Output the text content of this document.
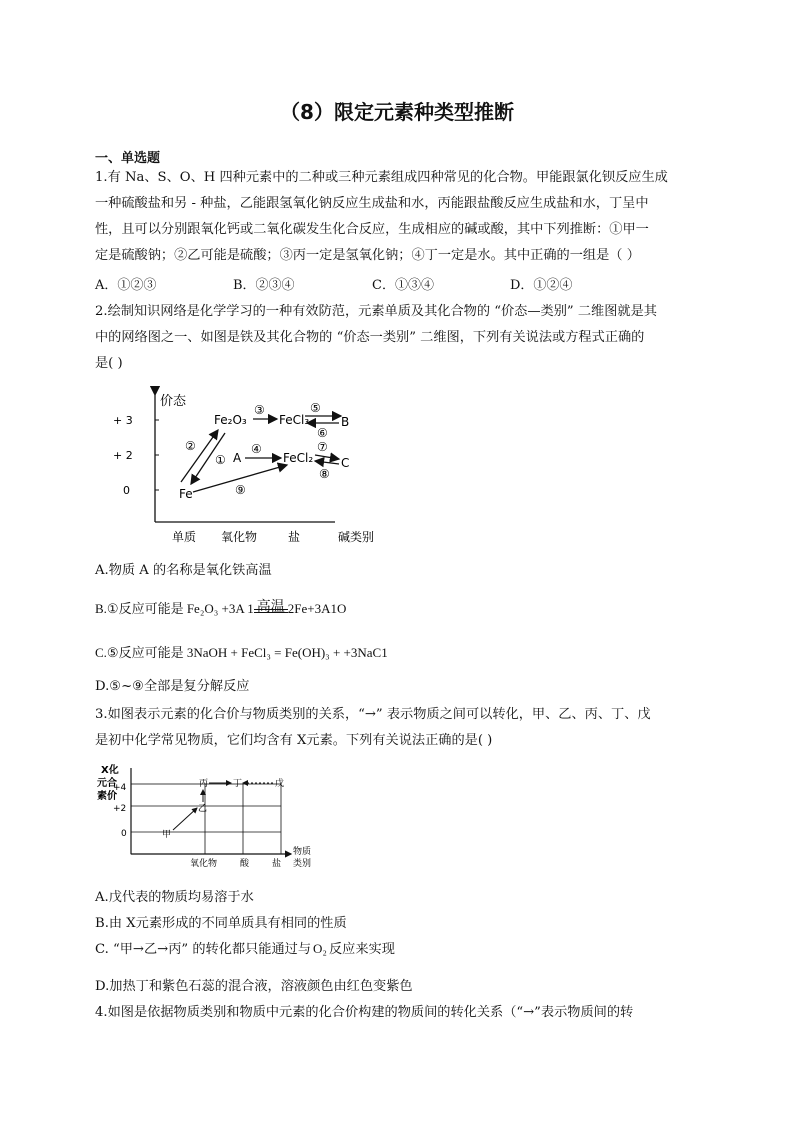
（8）限定元素种类型推断
一、单选题
1.有 Na、S、O、H 四种元素中的二种或三种元素组成四种常见的化合物。甲能跟氯化钡反应生成
一种硫酸盐和另 - 种盐，乙能跟氢氧化钠反应生成盐和水，丙能跟盐酸反应生成盐和水，丁呈中
性，且可以分别跟氧化钙或二氧化碳发生化合反应，生成相应的碱或酸，其中下列推断：①甲一
定是硫酸钠；②乙可能是硫酸；③丙一定是氢氧化钠；④丁一定是水。其中正确的一组是（ ）
A．①②③	B．②③④	C．①③④	D．①②④
2.绘制知识网络是化学学习的一种有效防范，元素单质及其化合物的 “价态—类别” 二维图就是其
中的网络图之一、如图是铁及其化合物的 “价态一类别” 二维图，下列有关说法或方程式正确的
是( )
价态
+ 3
+ 2
0
单质 氧化物	盐	碱类别
Fe₂O₃	FeCl₃	B
A	FeCl₂ C
Fe
①
②
③
④
⑤
⑥
⑦
⑧
⑨
A.物质 A 的名称是氧化铁高温
B.①反应可能是 Fe₂O₃ +3A 1 高温 2Fe+3A1O
C.⑤反应可能是 3NaOH + FeCl₃ = Fe(OH)₃ + +3NaC1
D.⑤~⑨全部是复分解反应
3.如图表示元素的化合价与物质类别的关系，“→” 表示物质之间可以转化，甲、乙、丙、丁、戊
是初中化学常见物质，它们均含有 X元素。下列有关说法正确的是( )
X化
元合
素价
+4
+2
0
氧化物	酸	盐
物质
类别
甲
乙
丙	丁	戊
A.戊代表的物质均易溶于水
B.由 X元素形成的不同单质具有相同的性质
C. “甲→乙→丙” 的转化都只能通过与 O₂ 反应来实现
D.加热丁和紫色石蕊的混合液，溶液颜色由红色变紫色
4.如图是依据物质类别和物质中元素的化合价构建的物质间的转化关系（“→”表示物质间的转
